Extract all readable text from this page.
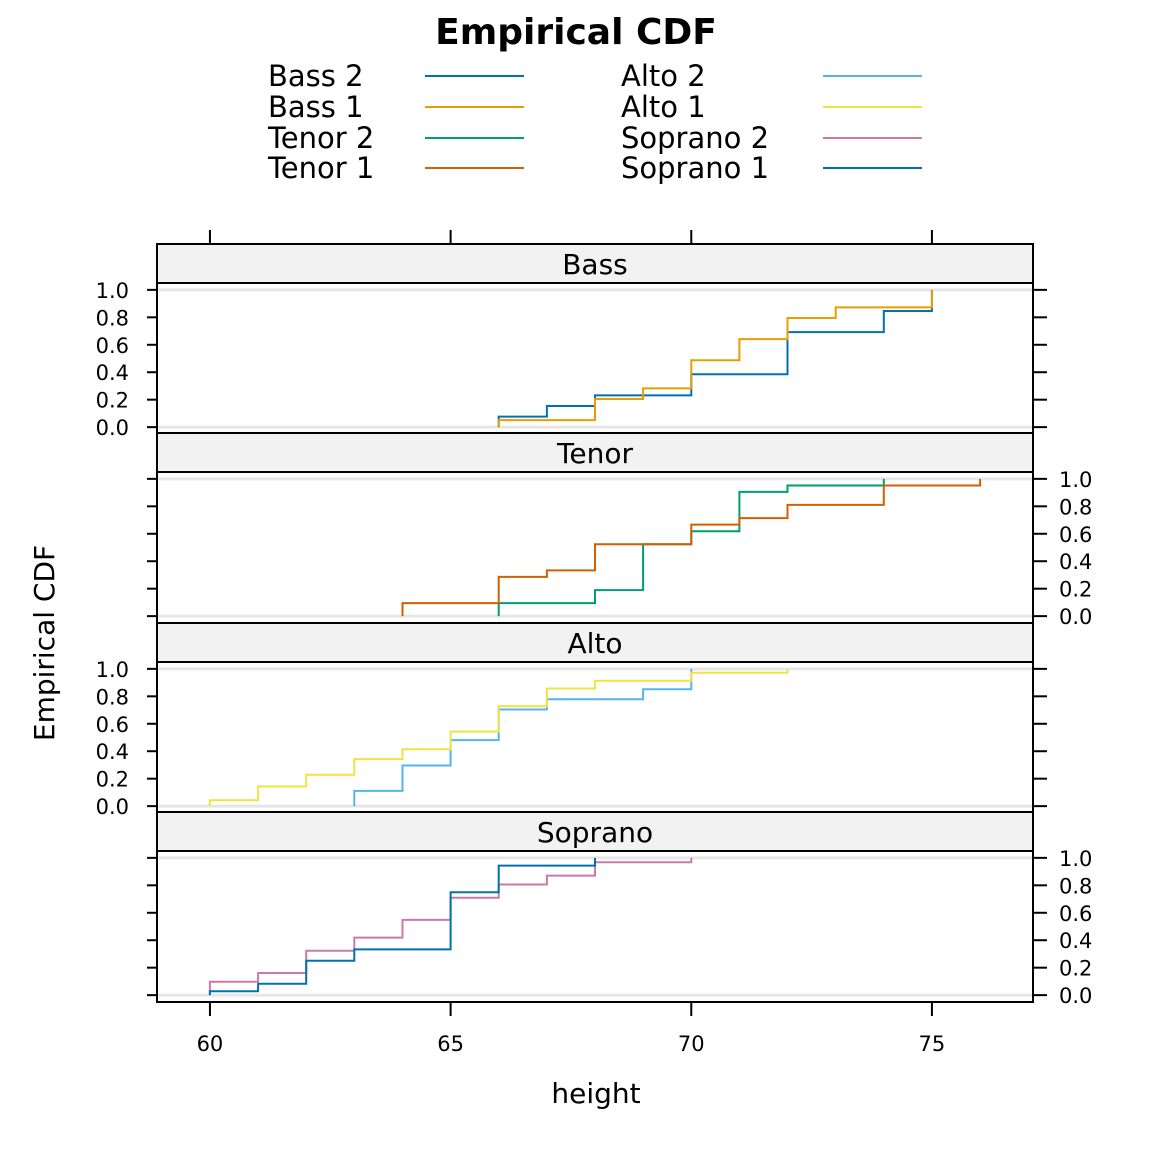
Empirical CDF
height
Empirical CDF
Bass 2
Bass 1
Tenor 2
Tenor 1
Alto 2
Alto 1
Soprano 2
Soprano 1
Bass
0.0
0.2
0.4
0.6
0.8
1.0
Tenor
0.0
0.2
0.4
0.6
0.8
1.0
Alto
0.0
0.2
0.4
0.6
0.8
1.0
Soprano
0.0
0.2
0.4
0.6
0.8
1.0
60	65	70	75
